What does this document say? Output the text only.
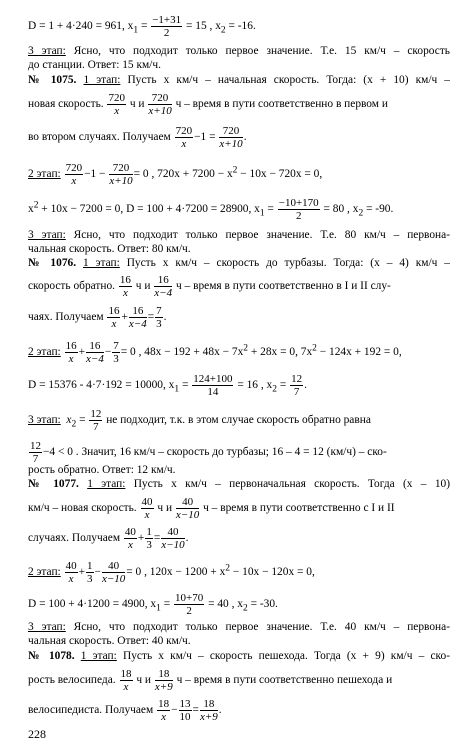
D = 1 + 4·240 = 961, $x_1 = \frac{-1+31}{2} = 15$ , $x_2 = -16$.
3 этап: Ясно, что подходит только первое значение. Т.е. 15 км/ч – скорость
до станции. Ответ: 15 км/ч.
№ 1075. 1 этап: Пусть x км/ч – начальная скорость. Тогда: (x + 10) км/ч –
новая скорость. $\frac{720}{x}$ ч и $\frac{720}{x+10}$ ч – время в пути соответственно в первом и
во втором случаях. Получаем $\frac{720}{x} -1 = \frac{720}{x+10}$ .
2 этап: $\frac{720}{x} -1 - \frac{720}{x+10} = 0$ , $720x + 7200 - x^2 - 10x - 720x = 0$,
$x^2 + 10x - 7200 = 0$, D = 100 + 4·7200 = 28900, $x_1 = \frac{-10+170}{2} = 80$ , $x_2 = -90$.
3 этап: Ясно, что подходит только первое значение. Т.е. 80 км/ч – первона-
чальная скорость. Ответ: 80 км/ч.
№ 1076. 1 этап: Пусть x км/ч – скорость до турбазы. Тогда: (x – 4) км/ч –
скорость обратно. $\frac{16}{x}$ ч и $\frac{16}{x-4}$ ч – время в пути соответственно в I и II слу-
чаях. Получаем $\frac{16}{x} + \frac{16}{x-4} = \frac{7}{3}$ .
2 этап: $\frac{16}{x} + \frac{16}{x-4} - \frac{7}{3} = 0$ , $48x - 192 + 48x - 7x^2 + 28x = 0$, $7x^2 - 124x + 192 = 0$,
D = 15376 - 4·7·192 = 10000, $x_1 = \frac{124+100}{14} = 16$ , $x_2 = \frac{12}{7}$ .
3 этап: $x_2 = \frac{12}{7}$ не подходит, т.к. в этом случае скорость обратно равна
$\frac{12}{7} -4 < 0$ . Значит, 16 км/ч – скорость до турбазы; 16 – 4 = 12 (км/ч) – ско-
рость обратно. Ответ: 12 км/ч.
№ 1077. 1 этап: Пусть x км/ч – первоначальная скорость. Тогда (x – 10)
км/ч – новая скорость. $\frac{40}{x}$ ч и $\frac{40}{x-10}$ ч – время в пути соответственно с I и II
случаях. Получаем $\frac{40}{x} + \frac{1}{3} = \frac{40}{x-10}$ .
2 этап: $\frac{40}{x} + \frac{1}{3} - \frac{40}{x-10} = 0$ , $120x - 1200 + x^2 - 10x - 120x = 0$,
D = 100 + 4·1200 = 4900, $x_1 = \frac{10+70}{2} = 40$ , $x_2 = -30$.
3 этап: Ясно, что подходит только первое значение. Т.е. 40 км/ч – первона-
чальная скорость. Ответ: 40 км/ч.
№ 1078. 1 этап: Пусть x км/ч – скорость пешехода. Тогда (x + 9) км/ч – ско-
рость велосипеда. $\frac{18}{x}$ ч и $\frac{18}{x+9}$ ч – время в пути соответственно пешехода и
велосипедиста. Получаем $\frac{18}{x} - \frac{13}{10} = \frac{18}{x+9}$ .
228
